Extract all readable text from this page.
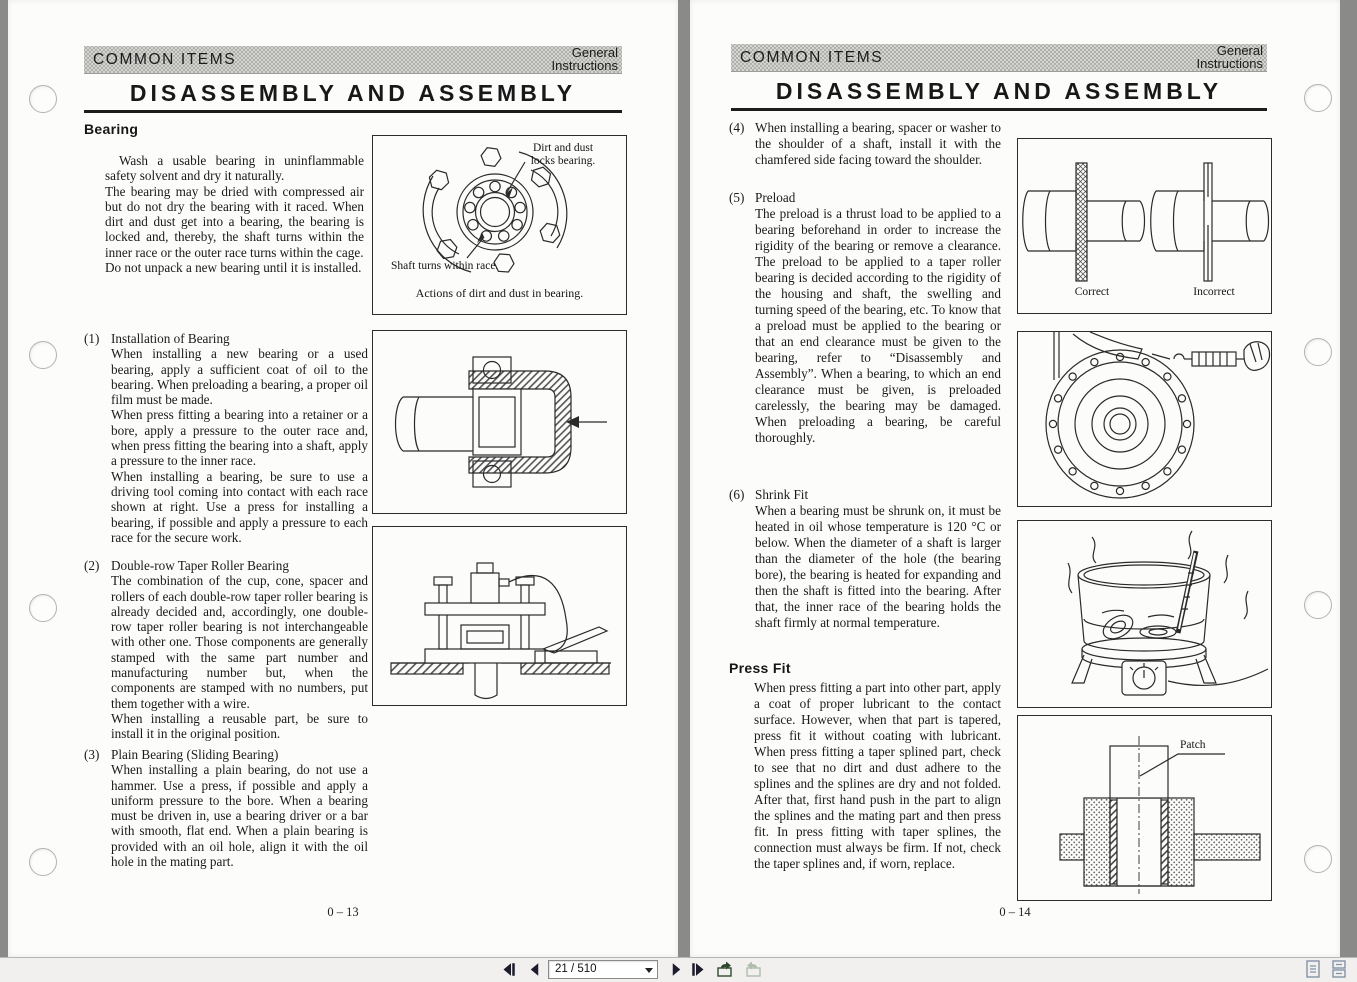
COMMON ITEMS	General
Instructions
DISASSEMBLY AND ASSEMBLY
Bearing

Wash a usable bearing in uninflammable safety solvent and dry it naturally.

The bearing may be dried with compressed air but do not dry the bearing with it raced. When dirt and dust get into a bearing, the bearing is locked and, thereby, the shaft turns within the inner race or the outer race turns within the cage.

Do not unpack a new bearing until it is installed.

(1) Installation of Bearing

When installing a new bearing or a used bearing, apply a sufficient coat of oil to the bearing. When preloading a bearing, a proper oil film must be made.

When press fitting a bearing into a retainer or a bore, apply a pressure to the outer race and, when press fitting the bearing into a shaft, apply a pressure to the inner race.

When installing a bearing, be sure to use a driving tool coming into contact with each race shown at right. Use a press for installing a bearing, if possible and apply a pressure to each race for the secure work.

(2) Double-row Taper Roller Bearing

The combination of the cup, cone, spacer and rollers of each double-row taper roller bearing is already decided and, accordingly, one double-row taper roller bearing is not interchangeable with other one. Those components are generally stamped with the same part number and manufacturing number but, when the components are stamped with no numbers, put them together with a wire.

When installing a reusable part, be sure to install it in the original position.

(3) Plain Bearing (Sliding Bearing)

When installing a plain bearing, do not use a hammer. Use a press, if possible and apply a uniform pressure to the bore. When a bearing must be driven in, use a bearing driver or a bar with smooth, flat end. When a plain bearing is provided with an oil hole, align it with the oil hole in the mating part.

Dirt and dust
locks bearing.
Shaft turns within race.
Actions of dirt and dust in bearing.
0 – 13
COMMON ITEMS	General
Instructions
DISASSEMBLY AND ASSEMBLY
(4) When installing a bearing, spacer or washer to the shoulder of a shaft, install it with the chamfered side facing toward the shoulder.

(5) Preload

The preload is a thrust load to be applied to a bearing beforehand in order to increase the rigidity of the bearing or remove a clearance. The preload to be applied to a taper roller bearing is decided according to the rigidity of the housing and shaft, the swelling and turning speed of the bearing, etc. To know that a preload must be applied to the bearing or that an end clearance must be given to the bearing, refer to “Disassembly and Assembly”. When a bearing, to which an end clearance must be given, is preloaded carelessly, the bearing may be damaged. When preloading a bearing, be careful thoroughly.

(6) Shrink Fit

When a bearing must be shrunk on, it must be heated in oil whose temperature is 120 °C or below. When the diameter of a shaft is larger than the diameter of the hole (the bearing bore), the bearing is heated for expanding and then the shaft is fitted into the bearing. After that, the inner race of the bearing holds the shaft firmly at normal temperature.

Press Fit

When press fitting a part into other part, apply a coat of proper lubricant to the contact surface. However, when that part is tapered, press fit it without coating with lubricant. When press fitting a taper splined part, check to see that no dirt and dust adhere to the splines and the splines are dry and not folded. After that, first hand push in the part to align the splines and the mating part and then press fit. In press fitting with taper splines, the connection must always be firm. If not, check the taper splines and, if worn, replace.

Correct	Incorrect
Patch
0 – 14
21 / 510
